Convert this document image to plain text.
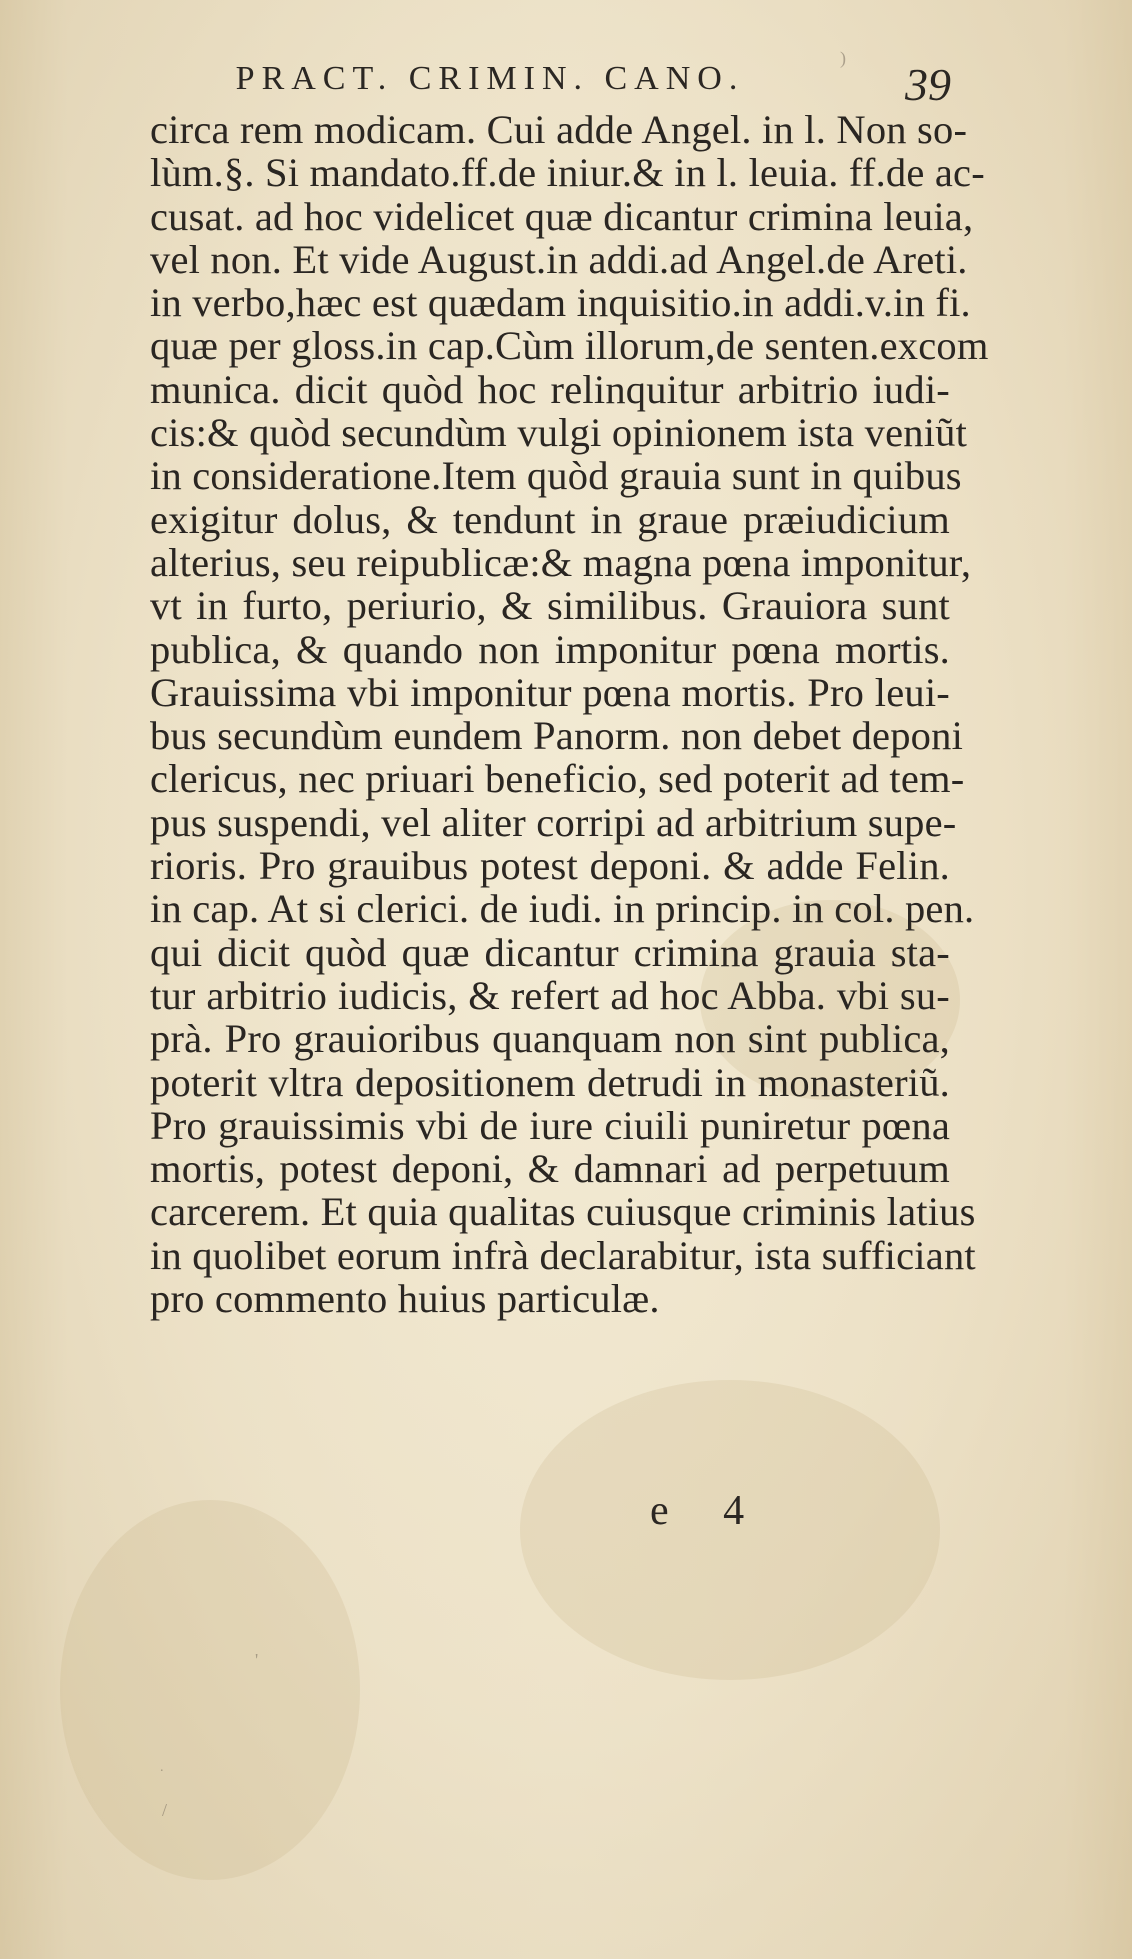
PRACT. CRIMIN. CANO.	39
circa rem modicam. Cui adde Angel. in l. Non so-
lùm.§. Si mandato.ff.de iniur.& in l. leuia. ff.de ac-
cusat. ad hoc videlicet quæ dicantur crimina leuia,
vel non. Et vide August.in addi.ad Angel.de Areti.
in verbo,hæc est quædam inquisitio.in addi.v.in fi.
quæ per gloss.in cap.Cùm illorum,de senten.excom
munica. dicit quòd hoc relinquitur arbitrio iudi-
cis:& quòd secundùm vulgi opinionem ista veniũt
in consideratione.Item quòd grauia sunt in quibus
exigitur dolus, & tendunt in graue præiudicium
alterius, seu reipublicæ:& magna pœna imponitur,
vt in furto, periurio, & similibus. Grauiora sunt
publica, & quando non imponitur pœna mortis.
Grauissima vbi imponitur pœna mortis. Pro leui-
bus secundùm eundem Panorm. non debet deponi
clericus, nec priuari beneficio, sed poterit ad tem-
pus suspendi, vel aliter corripi ad arbitrium supe-
rioris. Pro grauibus potest deponi. & adde Felin.
in cap. At si clerici. de iudi. in princip. in col. pen.
qui dicit quòd quæ dicantur crimina grauia sta-
tur arbitrio iudicis, & refert ad hoc Abba. vbi su-
prà. Pro grauioribus quanquam non sint publica,
poterit vltra depositionem detrudi in monasteriũ.
Pro grauissimis vbi de iure ciuili puniretur pœna
mortis, potest deponi, & damnari ad perpetuum
carcerem. Et quia qualitas cuiusque criminis latius
in quolibet eorum infrà declarabitur, ista sufficiant
pro commento huius particulæ.
e 4
)
'
.
/
